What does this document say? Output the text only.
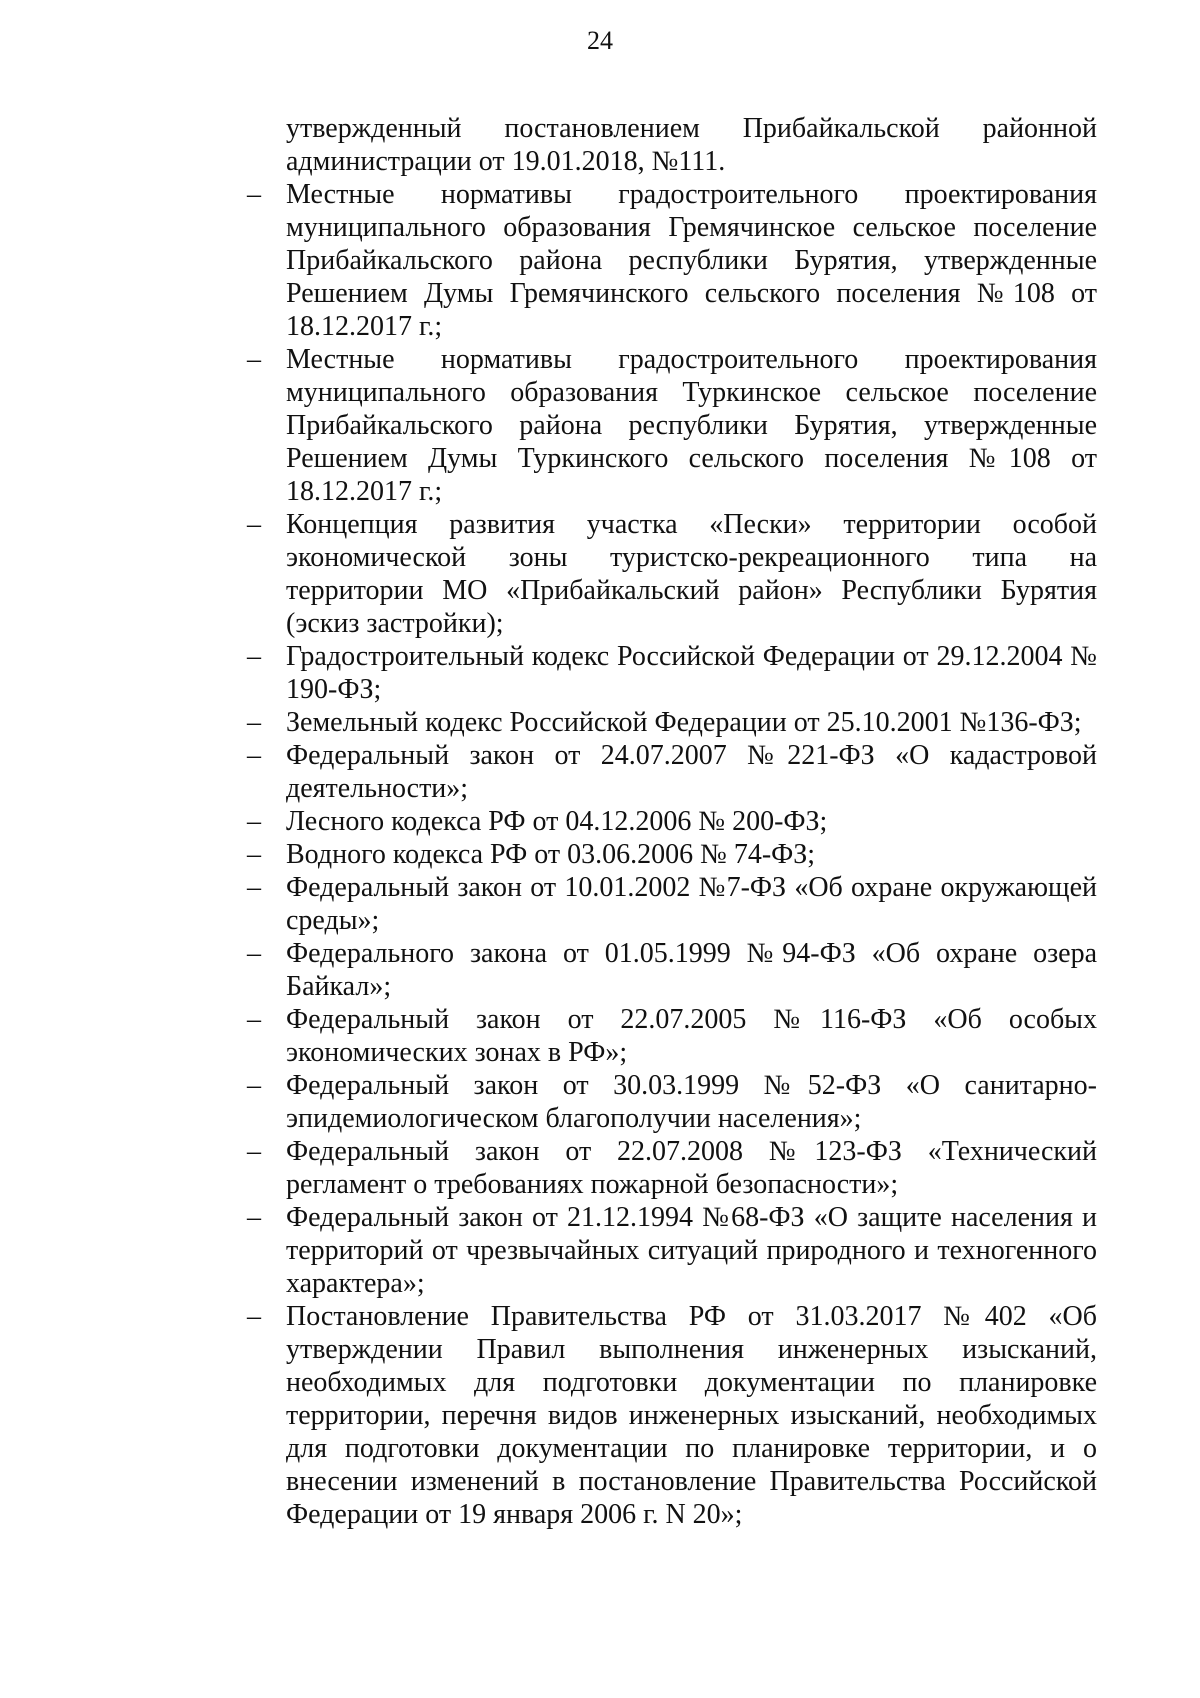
24

утвержденный постановлением Прибайкальской районной администрации от 19.01.2018, №111.

– Местные нормативы градостроительного проектирования муниципального образования Гремячинское сельское поселение Прибайкальского района республики Бурятия, утвержденные Решением Думы Гремячинского сельского поселения №108 от 18.12.2017 г.;
– Местные нормативы градостроительного проектирования муниципального образования Туркинское сельское поселение Прибайкальского района республики Бурятия, утвержденные Решением Думы Туркинского сельского поселения №108 от 18.12.2017 г.;
– Концепция развития участка «Пески» территории особой экономической зоны туристско-рекреационного типа на территории МО «Прибайкальский район» Республики Бурятия (эскиз застройки);
– Градостроительный кодекс Российской Федерации от 29.12.2004 № 190-ФЗ;
– Земельный кодекс Российской Федерации от 25.10.2001 №136-ФЗ;
– Федеральный закон от 24.07.2007 №221-ФЗ «О кадастровой деятельности»;
– Лесного кодекса РФ от 04.12.2006 № 200-ФЗ;
– Водного кодекса РФ от 03.06.2006 № 74-ФЗ;
– Федеральный закон от 10.01.2002 №7-ФЗ «Об охране окружающей среды»;
– Федерального закона от 01.05.1999 №94-ФЗ «Об охране озера Байкал»;
– Федеральный закон от 22.07.2005 №116-ФЗ «Об особых экономических зонах в РФ»;
– Федеральный закон от 30.03.1999 №52-ФЗ «О санитарно-эпидемиологическом благополучии населения»;
– Федеральный закон от 22.07.2008 №123-ФЗ «Технический регламент о требованиях пожарной безопасности»;
– Федеральный закон от 21.12.1994 №68-ФЗ «О защите населения и территорий от чрезвычайных ситуаций природного и техногенного характера»;
– Постановление Правительства РФ от 31.03.2017 №402 «Об утверждении Правил выполнения инженерных изысканий, необходимых для подготовки документации по планировке территории, перечня видов инженерных изысканий, необходимых для подготовки документации по планировке территории, и о внесении изменений в постановление Правительства Российской Федерации от 19 января 2006 г. N 20»;
